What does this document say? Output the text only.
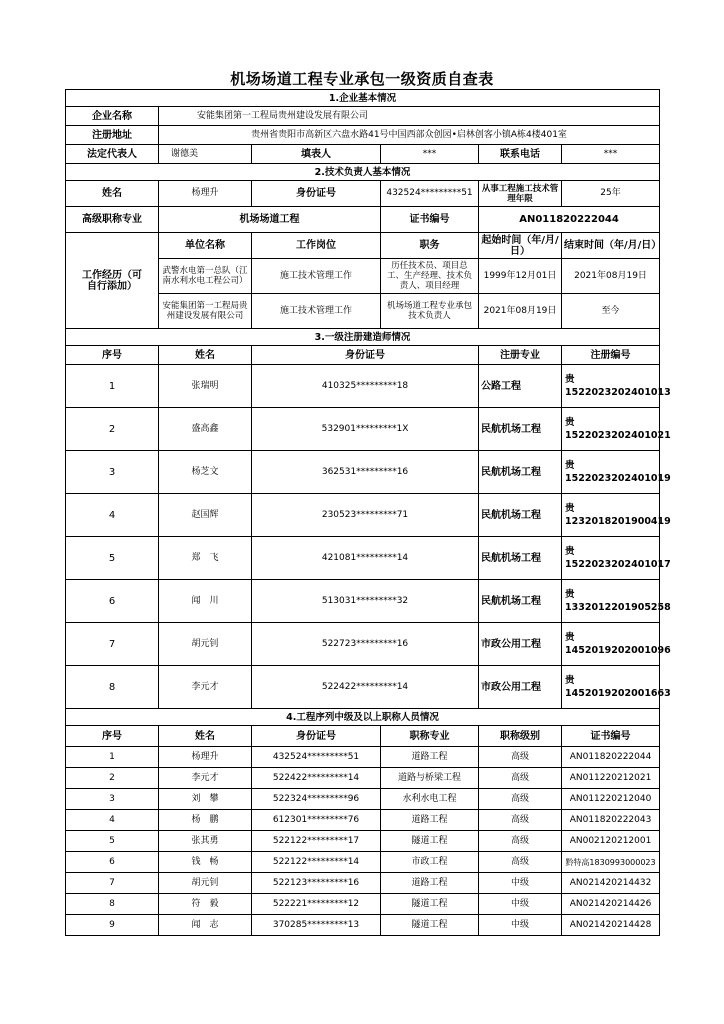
机场场道工程专业承包一级资质自查表
1.企业基本情况					
企业名称	安能集团第一工程局贵州建设发展有限公司				
注册地址	贵州省贵阳市高新区六盘水路41号中国西部众创园•启林创客小镇A栋4楼401室				
法定代表人	谢德美	填表人	***	联系电话	***
2.技术负责人基本情况					
姓名	杨理升	身份证号	432524*********51	从事工程施工技术管理年限	25年
高级职称专业	机场场道工程		证书编号	AN011820222044	
工作经历（可自行添加）	单位名称	工作岗位	职务	起始时间（年/月/日）	结束时间（年/月/日）
	武警水电第一总队（江南水利水电工程公司）	施工技术管理工作	历任技术员、项目总工、生产经理、技术负责人、项目经理	1999年12月01日	2021年08月19日
	安能集团第一工程局贵州建设发展有限公司	施工技术管理工作	机场场道工程专业承包技术负责人	2021年08月19日	至今
3.一级注册建造师情况					
序号	姓名	身份证号		注册专业	注册编号
1	张瑞明	410325*********18		公路工程	贵1522023202401013
2	盛高鑫	532901*********1X		民航机场工程	贵1522023202401021
3	杨芝文	362531*********16		民航机场工程	贵1522023202401019
4	赵国辉	230523*********71		民航机场工程	贵1232018201900419
5	郑　飞	421081*********14		民航机场工程	贵1522023202401017
6	闻　川	513031*********32		民航机场工程	贵1332012201905258
7	胡元钊	522723*********16		市政公用工程	贵1452019202001096
8	李元才	522422*********14		市政公用工程	贵1452019202001663
4.工程序列中级及以上职称人员情况					
序号	姓名	身份证号	职称专业	职称级别	证书编号
1	杨理升	432524*********51	道路工程	高级	AN011820222044
2	李元才	522422*********14	道路与桥梁工程	高级	AN011220212021
3	刘　攀	522324*********96	水利水电工程	高级	AN011220212040
4	杨　鹏	612301*********76	道路工程	高级	AN011820222043
5	张其勇	522122*********17	隧道工程	高级	AN002120212001
6	钱　畅	522122*********14	市政工程	高级	黔特高1830993000023
7	胡元钊	522123*********16	道路工程	中级	AN021420214432
8	符　毅	522221*********12	隧道工程	中级	AN021420214426
9	闻　志	370285*********13	隧道工程	中级	AN021420214428
